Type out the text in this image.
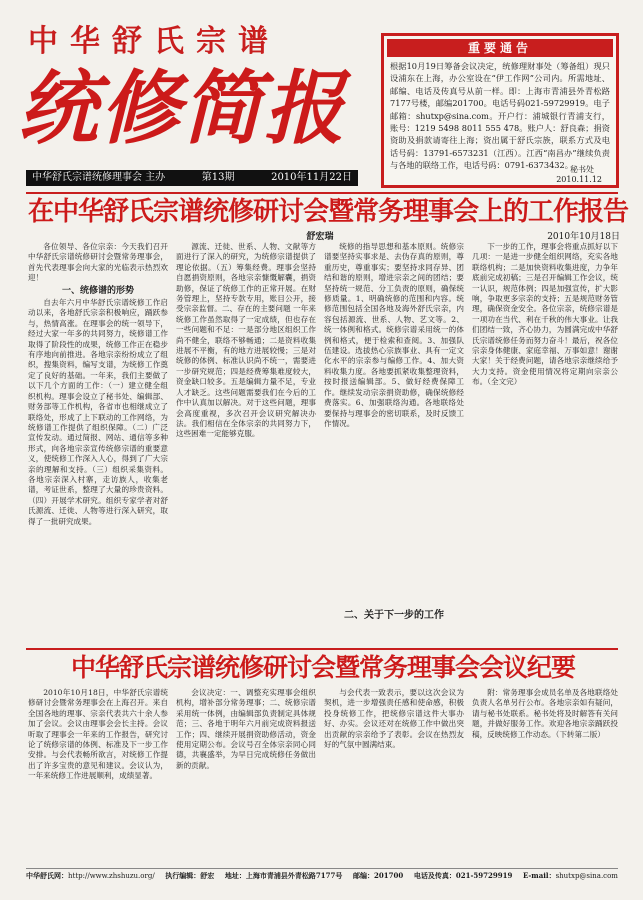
中华舒氏宗谱
统修简报
中华舒氏宗谱统修理事会 主办	第13期	2010年11月22日
重要通告
根据10月19日筹备会议决定，统修理财事处（筹备组）现只设浦东在上海，办公室设在“伊工作网”公司内。所需地址、邮编、电话及传真号从前一样。即：上海市青浦县外青松路7177号楼，邮编201700。电话号码021-59729919。电子邮箱：shutxp@sina.com。开户行：浦城银行青浦支行，账号：1219 5498 8011 555 478。账户人：舒良森；捐资资助及捐款请寄往上海；资出属于舒氏宗族，联系方式及电话号码：13791-6573231（江西）。江西“南昌办”继续负责与各地的联络工作，电话号码：0791-6373432。
秘书处
2010.11.12
在中华舒氏宗谱统修研讨会暨常务理事会上的工作报告
舒宏瑞	2010年10月18日

各位领导、各位宗亲：今天我们召开中华舒氏宗谱统修研讨会暨常务理事会，首先代表理事会向大家的光临表示热烈欢迎！

一、统修谱的形势

自去年六月中华舒氏宗谱统修工作启动以来，各地舒氏宗亲积极响应，踊跃参与，热情高涨。在理事会的统一领导下，经过大家一年多的共同努力，统修谱工作取得了阶段性的成果，统修工作正在稳步有序地向前推进。各地宗亲纷纷成立了组织，搜集资料，编写支谱，为统修工作奠定了良好的基础。一年来，我们主要做了以下几个方面的工作：（一）建立健全组织机构。理事会设立了秘书处、编辑部、财务部等工作机构，各省市也相继成立了联络处，形成了上下联动的工作网络，为统修谱工作提供了组织保障。（二）广泛宣传发动。通过简报、网站、通信等多种形式，向各地宗亲宣传统修宗谱的重要意义，使统修工作深入人心，得到了广大宗亲的理解和支持。（三）组织采集资料。各地宗亲深入村寨，走访族人，收集老谱，考证世系，整理了大量的珍贵资料。（四）开展学术研究。组织专家学者对舒氏源流、迁徙、人物等进行深入研究，取得了一批研究成果。

源流、迁徙、世系、人物、文献等方面进行了深入的研究，为统修宗谱提供了理论依据。（五）筹集经费。理事会坚持自愿捐资原则，各地宗亲慷慨解囊，捐资助修，保证了统修工作的正常开展。在财务管理上，坚持专款专用，账目公开，接受宗亲监督。二、存在的主要问题 一年来统修工作虽然取得了一定成绩，但也存在一些问题和不足：一是部分地区组织工作尚不健全，联络不够畅通；二是资料收集进展不平衡，有的地方进展较慢；三是对统修的体例、标准认识尚不统一，需要进一步研究规范；四是经费筹集难度较大，资金缺口较多。五是编辑力量不足，专业人才缺乏。这些问题需要我们在今后的工作中认真加以解决。对于这些问题，理事会高度重视，多次召开会议研究解决办法。我们相信在全体宗亲的共同努力下，这些困难一定能够克服。

统修的指导思想和基本原则。统修宗谱要坚持实事求是、去伪存真的原则，尊重历史，尊重事实；要坚持求同存异、团结和谐的原则，增进宗亲之间的团结；要坚持统一规范、分工负责的原则，确保统修质量。1、明确统修的范围和内容。统修范围包括全国各地及海外舒氏宗亲，内容包括源流、世系、人物、艺文等。2、统一体例和格式。统修宗谱采用统一的体例和格式，便于检索和查阅。3、加强队伍建设。选拔热心宗族事业、具有一定文化水平的宗亲参与编修工作。4、加大资料收集力度。各地要抓紧收集整理资料，按时报送编辑部。5、做好经费保障工作。继续发动宗亲捐资助修，确保统修经费落实。6、加强联络沟通。各地联络处要保持与理事会的密切联系，及时反馈工作情况。

二、关于下一步的工作

下一步的工作，理事会将重点抓好以下几项：一是进一步健全组织网络，充实各地联络机构；二是加快资料收集进度，力争年底前完成初稿；三是召开编辑工作会议，统一认识，规范体例；四是加强宣传，扩大影响，争取更多宗亲的支持；五是规范财务管理，确保资金安全。各位宗亲，统修宗谱是一项功在当代、利在千秋的伟大事业。让我们团结一致，齐心协力，为圆满完成中华舒氏宗谱统修任务而努力奋斗！最后，祝各位宗亲身体健康、家庭幸福、万事如意！谢谢大家！关于经费问题，请各地宗亲继续给予大力支持。资金使用情况将定期向宗亲公布。（全文完）

中华舒氏宗谱统修研讨会暨常务理事会会议纪要

2010年10月18日，中华舒氏宗谱统修研讨会暨常务理事会在上海召开。来自全国各地的理事、宗亲代表共六十余人参加了会议。会议由理事会会长主持。会议听取了理事会一年来的工作报告，研究讨论了统修宗谱的体例、标准及下一步工作安排。与会代表畅所欲言，对统修工作提出了许多宝贵的意见和建议。会议认为，一年来统修工作进展顺利，成绩显著。

会议决定：一、调整充实理事会组织机构，增补部分常务理事；二、统修宗谱采用统一体例，由编辑部负责制定具体规范；三、各地于明年六月前完成资料报送工作；四、继续开展捐资助修活动，资金使用定期公布。会议号召全体宗亲同心同德，共襄盛举，为早日完成统修任务做出新的贡献。

与会代表一致表示，要以这次会议为契机，进一步增强责任感和使命感，积极投身统修工作，把统修宗谱这件大事办好、办实。会议还对在统修工作中做出突出贡献的宗亲给予了表彰。会议在热烈友好的气氛中圆满结束。

附：常务理事会成员名单及各地联络处负责人名单另行公布。各地宗亲如有疑问，请与秘书处联系。秘书处将及时解答有关问题，并做好服务工作。欢迎各地宗亲踊跃投稿，反映统修工作动态。（下转第二版）

中华舒氏网：http://www.zhshuzu.org/ 执行编辑：舒宏 地址：上海市青浦县外青松路7177号 邮编：201700 电话及传真：021-59729919 E-mail：shutxp@sina.com
